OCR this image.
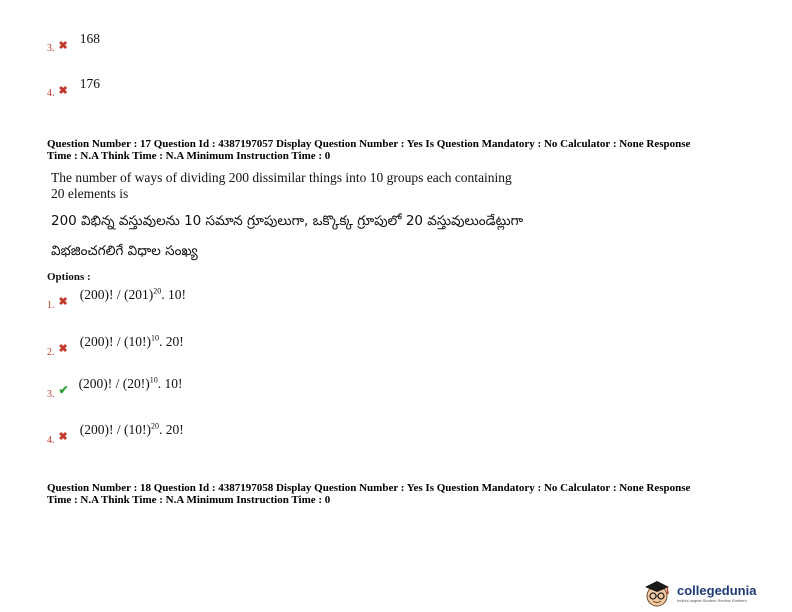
$_{3.}$ $_✖$ 168
$_{4.}$ $_✖$ 176
Question Number : 17 Question Id : 4387197057 Display Question Number : Yes Is Question Mandatory : No Calculator : None Response
Time : N.A Think Time : N.A Minimum Instruction Time : 0
The number of ways of dividing 200 dissimilar things into 10 groups each containing
20 elements is
200 విభిన్న వస్తువులను 10 సమాన గ్రూపులుగా, ఒక్కొక్క గ్రూపులో 20 వస్తువులుండేట్లుగా
విభజించగలిగే విధాల సంఖ్య
Options :
$_{1.}$ $_✖$ (200)! / $(201)^{20}$. 10!
$_{2.}$ $_✖$ (200)! / $(10!)^{10}$. 20!
$_{3.}$ $_✔$ (200)! / $(20!)^{10}$. 10!
$_{4.}$ $_✖$ (200)! / $(10!)^{20}$. 20!
Question Number : 18 Question Id : 4387197058 Display Question Number : Yes Is Question Mandatory : No Calculator : None Response
Time : N.A Think Time : N.A Minimum Instruction Time : 0
collegedunia
India's largest Student Review Platform
